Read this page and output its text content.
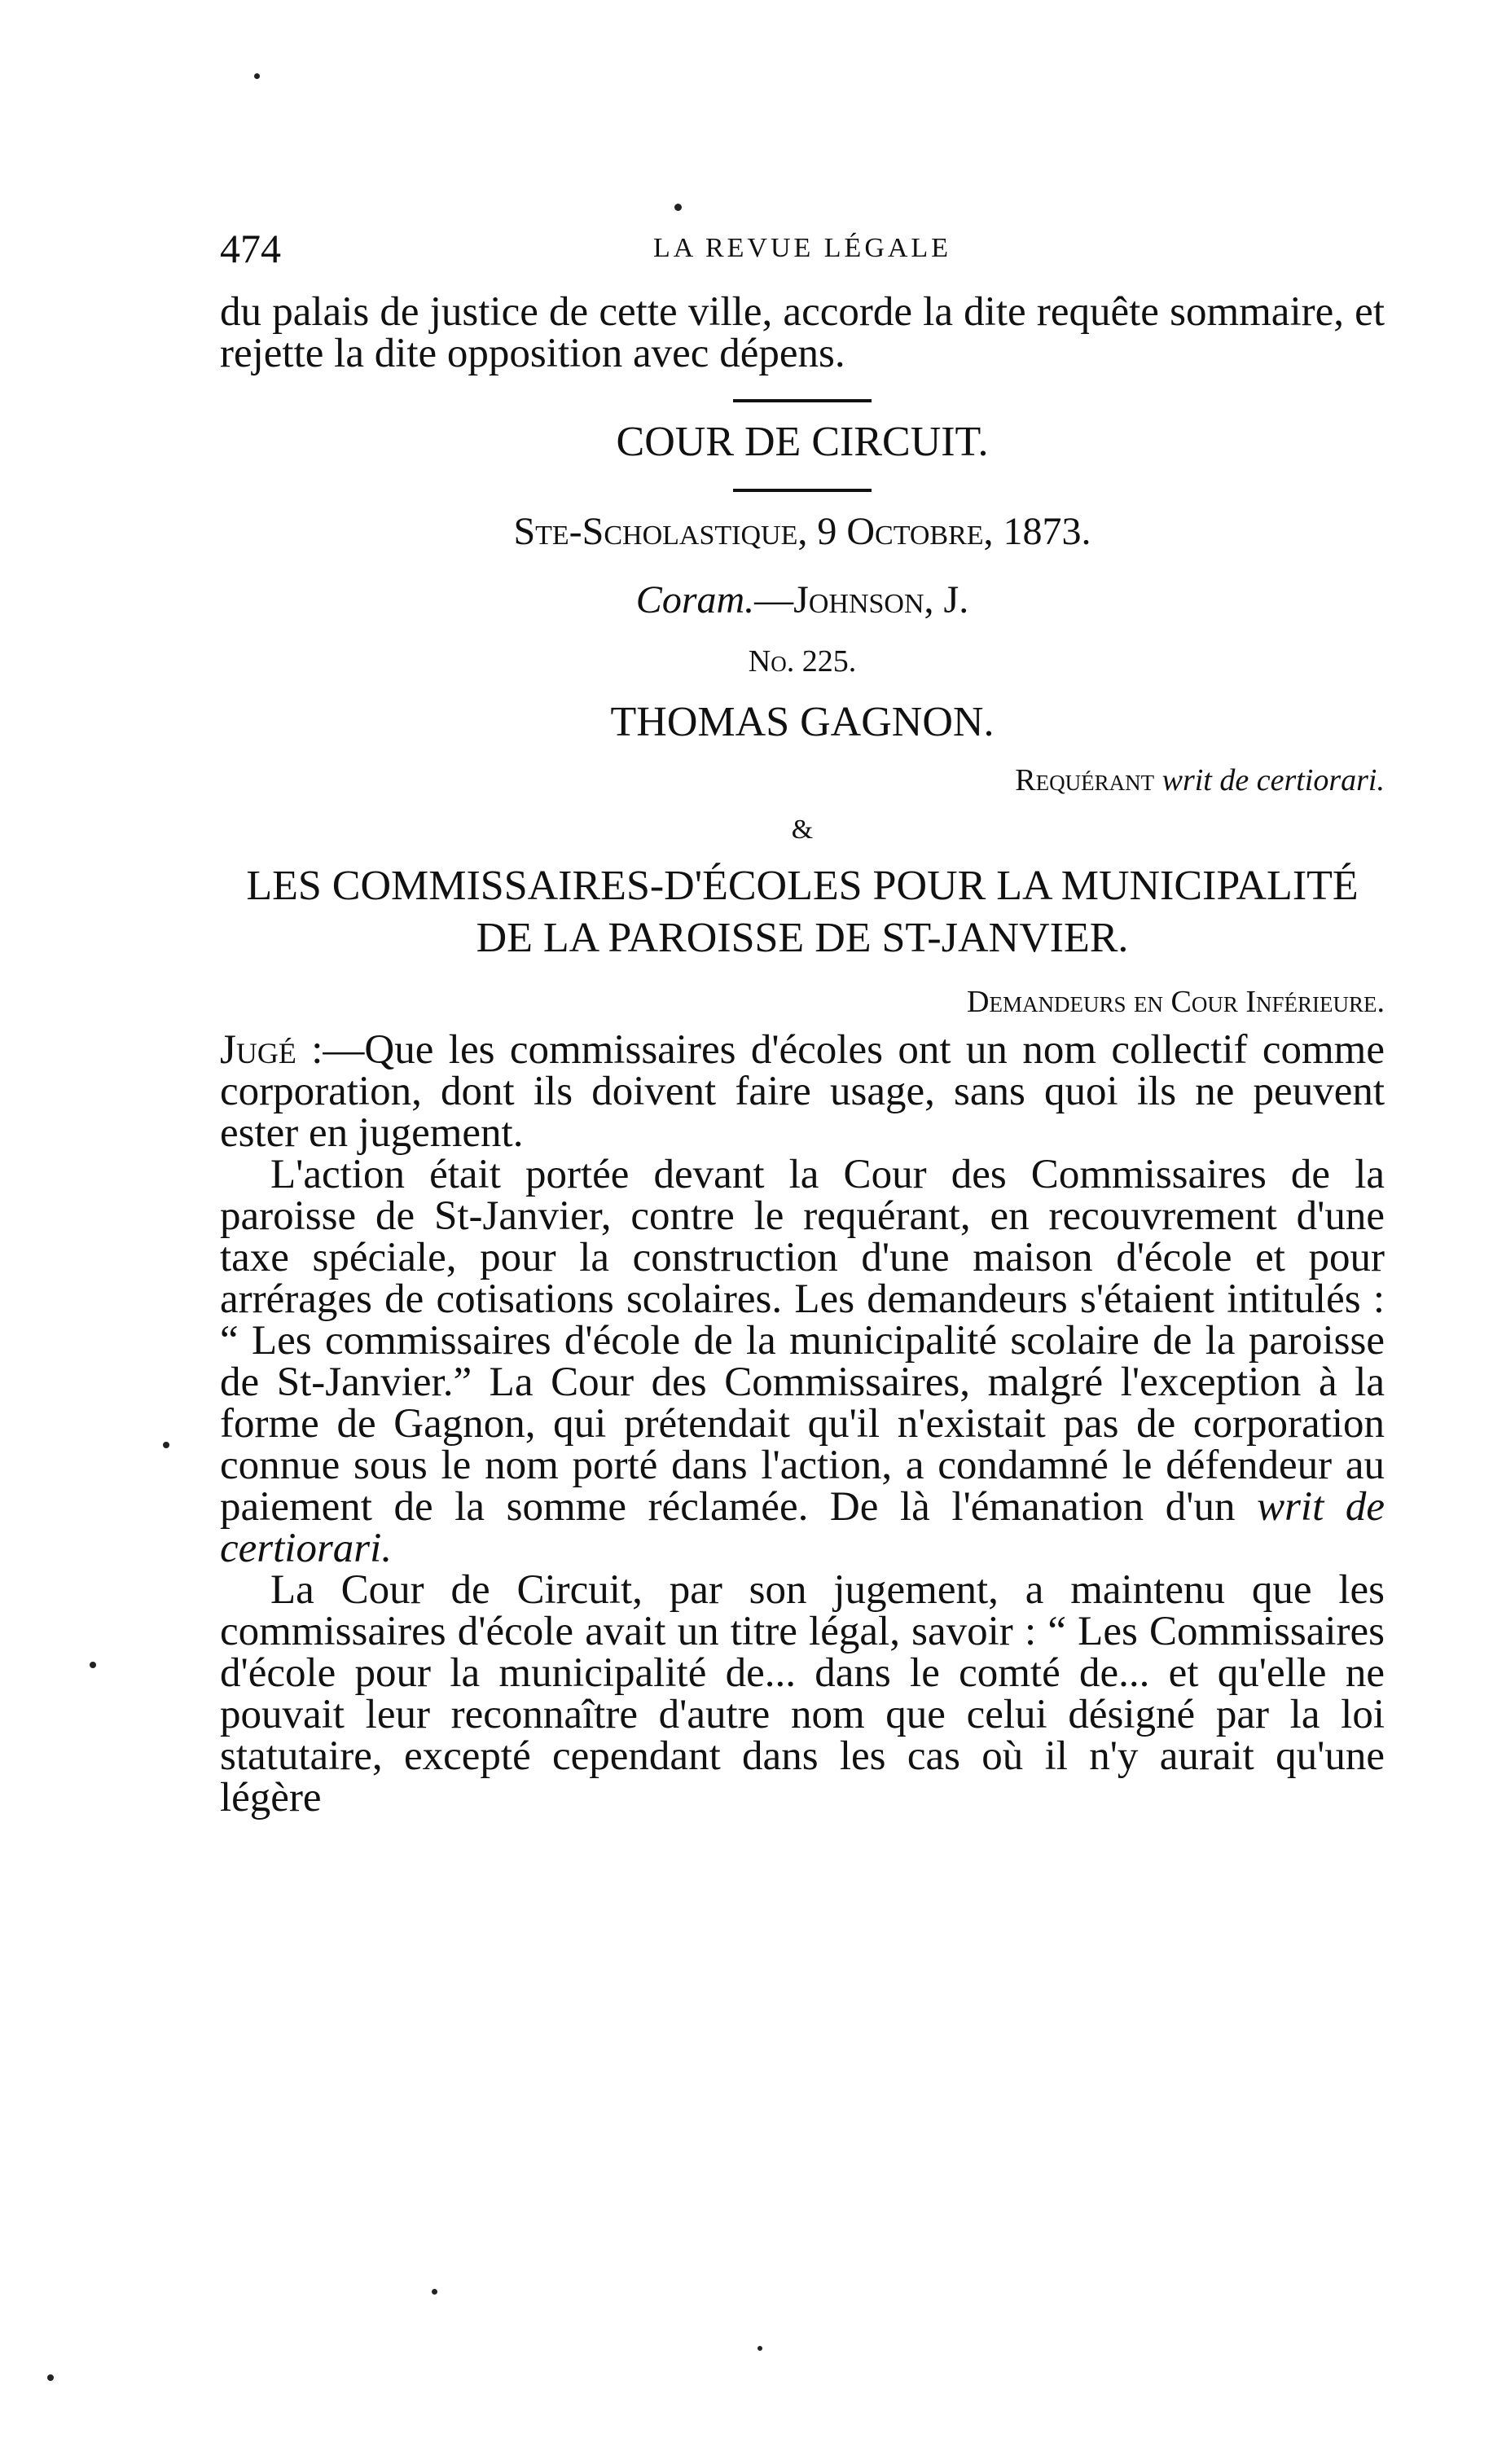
474	LA REVUE LÉGALE

du palais de justice de cette ville, accorde la dite requête sommaire, et rejette la dite opposition avec dépens.

COUR DE CIRCUIT.
Ste-Scholastique, 9 Octobre, 1873.
Coram.—Johnson, J.
No. 225.
THOMAS GAGNON.
Requérant writ de certiorari.
&
LES COMMISSAIRES-D'ÉCOLES POUR LA MUNICIPALITÉ DE LA PAROISSE DE ST-JANVIER.
Demandeurs en Cour Inférieure.

Jugé :—Que les commissaires d'écoles ont un nom collectif comme corporation, dont ils doivent faire usage, sans quoi ils ne peuvent ester en jugement.

L'action était portée devant la Cour des Commissaires de la paroisse de St-Janvier, contre le requérant, en recouvrement d'une taxe spéciale, pour la construction d'une maison d'école et pour arrérages de cotisations scolaires. Les demandeurs s'étaient intitulés : “ Les commissaires d'école de la municipalité scolaire de la paroisse de St-Janvier.” La Cour des Commissaires, malgré l'exception à la forme de Gagnon, qui prétendait qu'il n'existait pas de corporation connue sous le nom porté dans l'action, a condamné le défendeur au paiement de la somme réclamée. De là l'émanation d'un writ de certiorari.

La Cour de Circuit, par son jugement, a maintenu que les commissaires d'école avait un titre légal, savoir : “ Les Commissaires d'école pour la municipalité de... dans le comté de... et qu'elle ne pouvait leur reconnaître d'autre nom que celui désigné par la loi statutaire, excepté cependant dans les cas où il n'y aurait qu'une légère
